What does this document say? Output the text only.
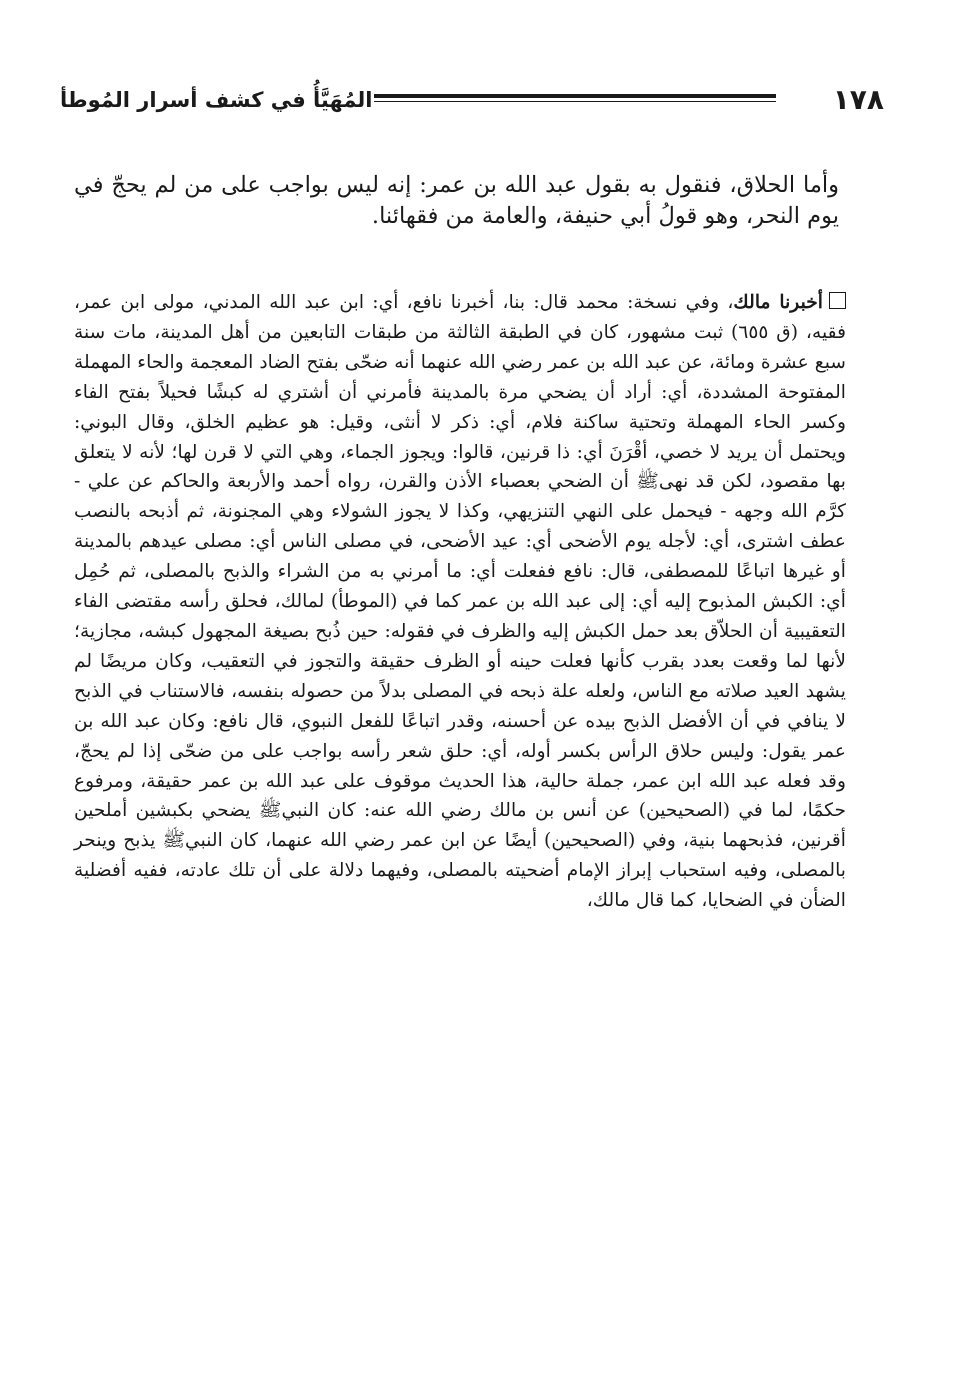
١٧٨
المُهَيَّأُ في كشف أسرار المُوطأ

وأما الحلاق، فنقول به بقول عبد الله بن عمر: إنه ليس بواجب على من لم يحجّ في يوم النحر، وهو قولُ أبي حنيفة، والعامة من فقهائنا.

أخبرنا مالك، وفي نسخة: محمد قال: بنا، أخبرنا نافع، أي: ابن عبد الله المدني، مولى ابن عمر، فقيه، (ق ٦٥٥) ثبت مشهور، كان في الطبقة الثالثة من طبقات التابعين من أهل المدينة، مات سنة سبع عشرة ومائة، عن عبد الله بن عمر رضي الله عنهما أنه ضحّى بفتح الضاد المعجمة والحاء المهملة المفتوحة المشددة، أي: أراد أن يضحي مرة بالمدينة فأمرني أن أشتري له كبشًا فحيلاً بفتح الفاء وكسر الحاء المهملة وتحتية ساكنة فلام، أي: ذكر لا أنثى، وقيل: هو عظيم الخلق، وقال البوني: ويحتمل أن يريد لا خصي، أقْرَنَ أي: ذا قرنين، قالوا: ويجوز الجماء، وهي التي لا قرن لها؛ لأنه لا يتعلق بها مقصود، لكن قد نهىﷺ أن الضحي بعصباء الأذن والقرن، رواه أحمد والأربعة والحاكم عن علي - كرَّم الله وجهه - فيحمل على النهي التنزيهي، وكذا لا يجوز الشولاء وهي المجنونة، ثم أذبحه بالنصب عطف اشترى، أي: لأجله يوم الأضحى أي: عيد الأضحى، في مصلى الناس أي: مصلى عيدهم بالمدينة أو غيرها اتباعًا للمصطفى، قال: نافع ففعلت أي: ما أمرني به من الشراء والذبح بالمصلى، ثم حُمِل أي: الكبش المذبوح إليه أي: إلى عبد الله بن عمر كما في (الموطأ) لمالك، فحلق رأسه مقتضى الفاء التعقيبية أن الحلاّق بعد حمل الكبش إليه والظرف في فقوله: حين ذُبح بصيغة المجهول كبشه، مجازية؛ لأنها لما وقعت بعدد بقرب كأنها فعلت حينه أو الظرف حقيقة والتجوز في التعقيب، وكان مريضًا لم يشهد العيد صلاته مع الناس، ولعله علة ذبحه في المصلى بدلاً من حصوله بنفسه، فالاستناب في الذبح لا ينافي في أن الأفضل الذبح بيده عن أحسنه، وقدر اتباعًا للفعل النبوي، قال نافع: وكان عبد الله بن عمر يقول: وليس حلاق الرأس بكسر أوله، أي: حلق شعر رأسه بواجب على من ضحّى إذا لم يحجّ، وقد فعله عبد الله ابن عمر، جملة حالية، هذا الحديث موقوف على عبد الله بن عمر حقيقة، ومرفوع حكمًا، لما في (الصحيحين) عن أنس بن مالك رضي الله عنه: كان النبيﷺ يضحي بكبشين أملحين أقرنين، فذبحهما بنية، وفي (الصحيحين) أيضًا عن ابن عمر رضي الله عنهما، كان النبيﷺ يذبح وينحر بالمصلى، وفيه استحباب إبراز الإمام أضحيته بالمصلى، وفيهما دلالة على أن تلك عادته، ففيه أفضلية الضأن في الضحايا، كما قال مالك،
